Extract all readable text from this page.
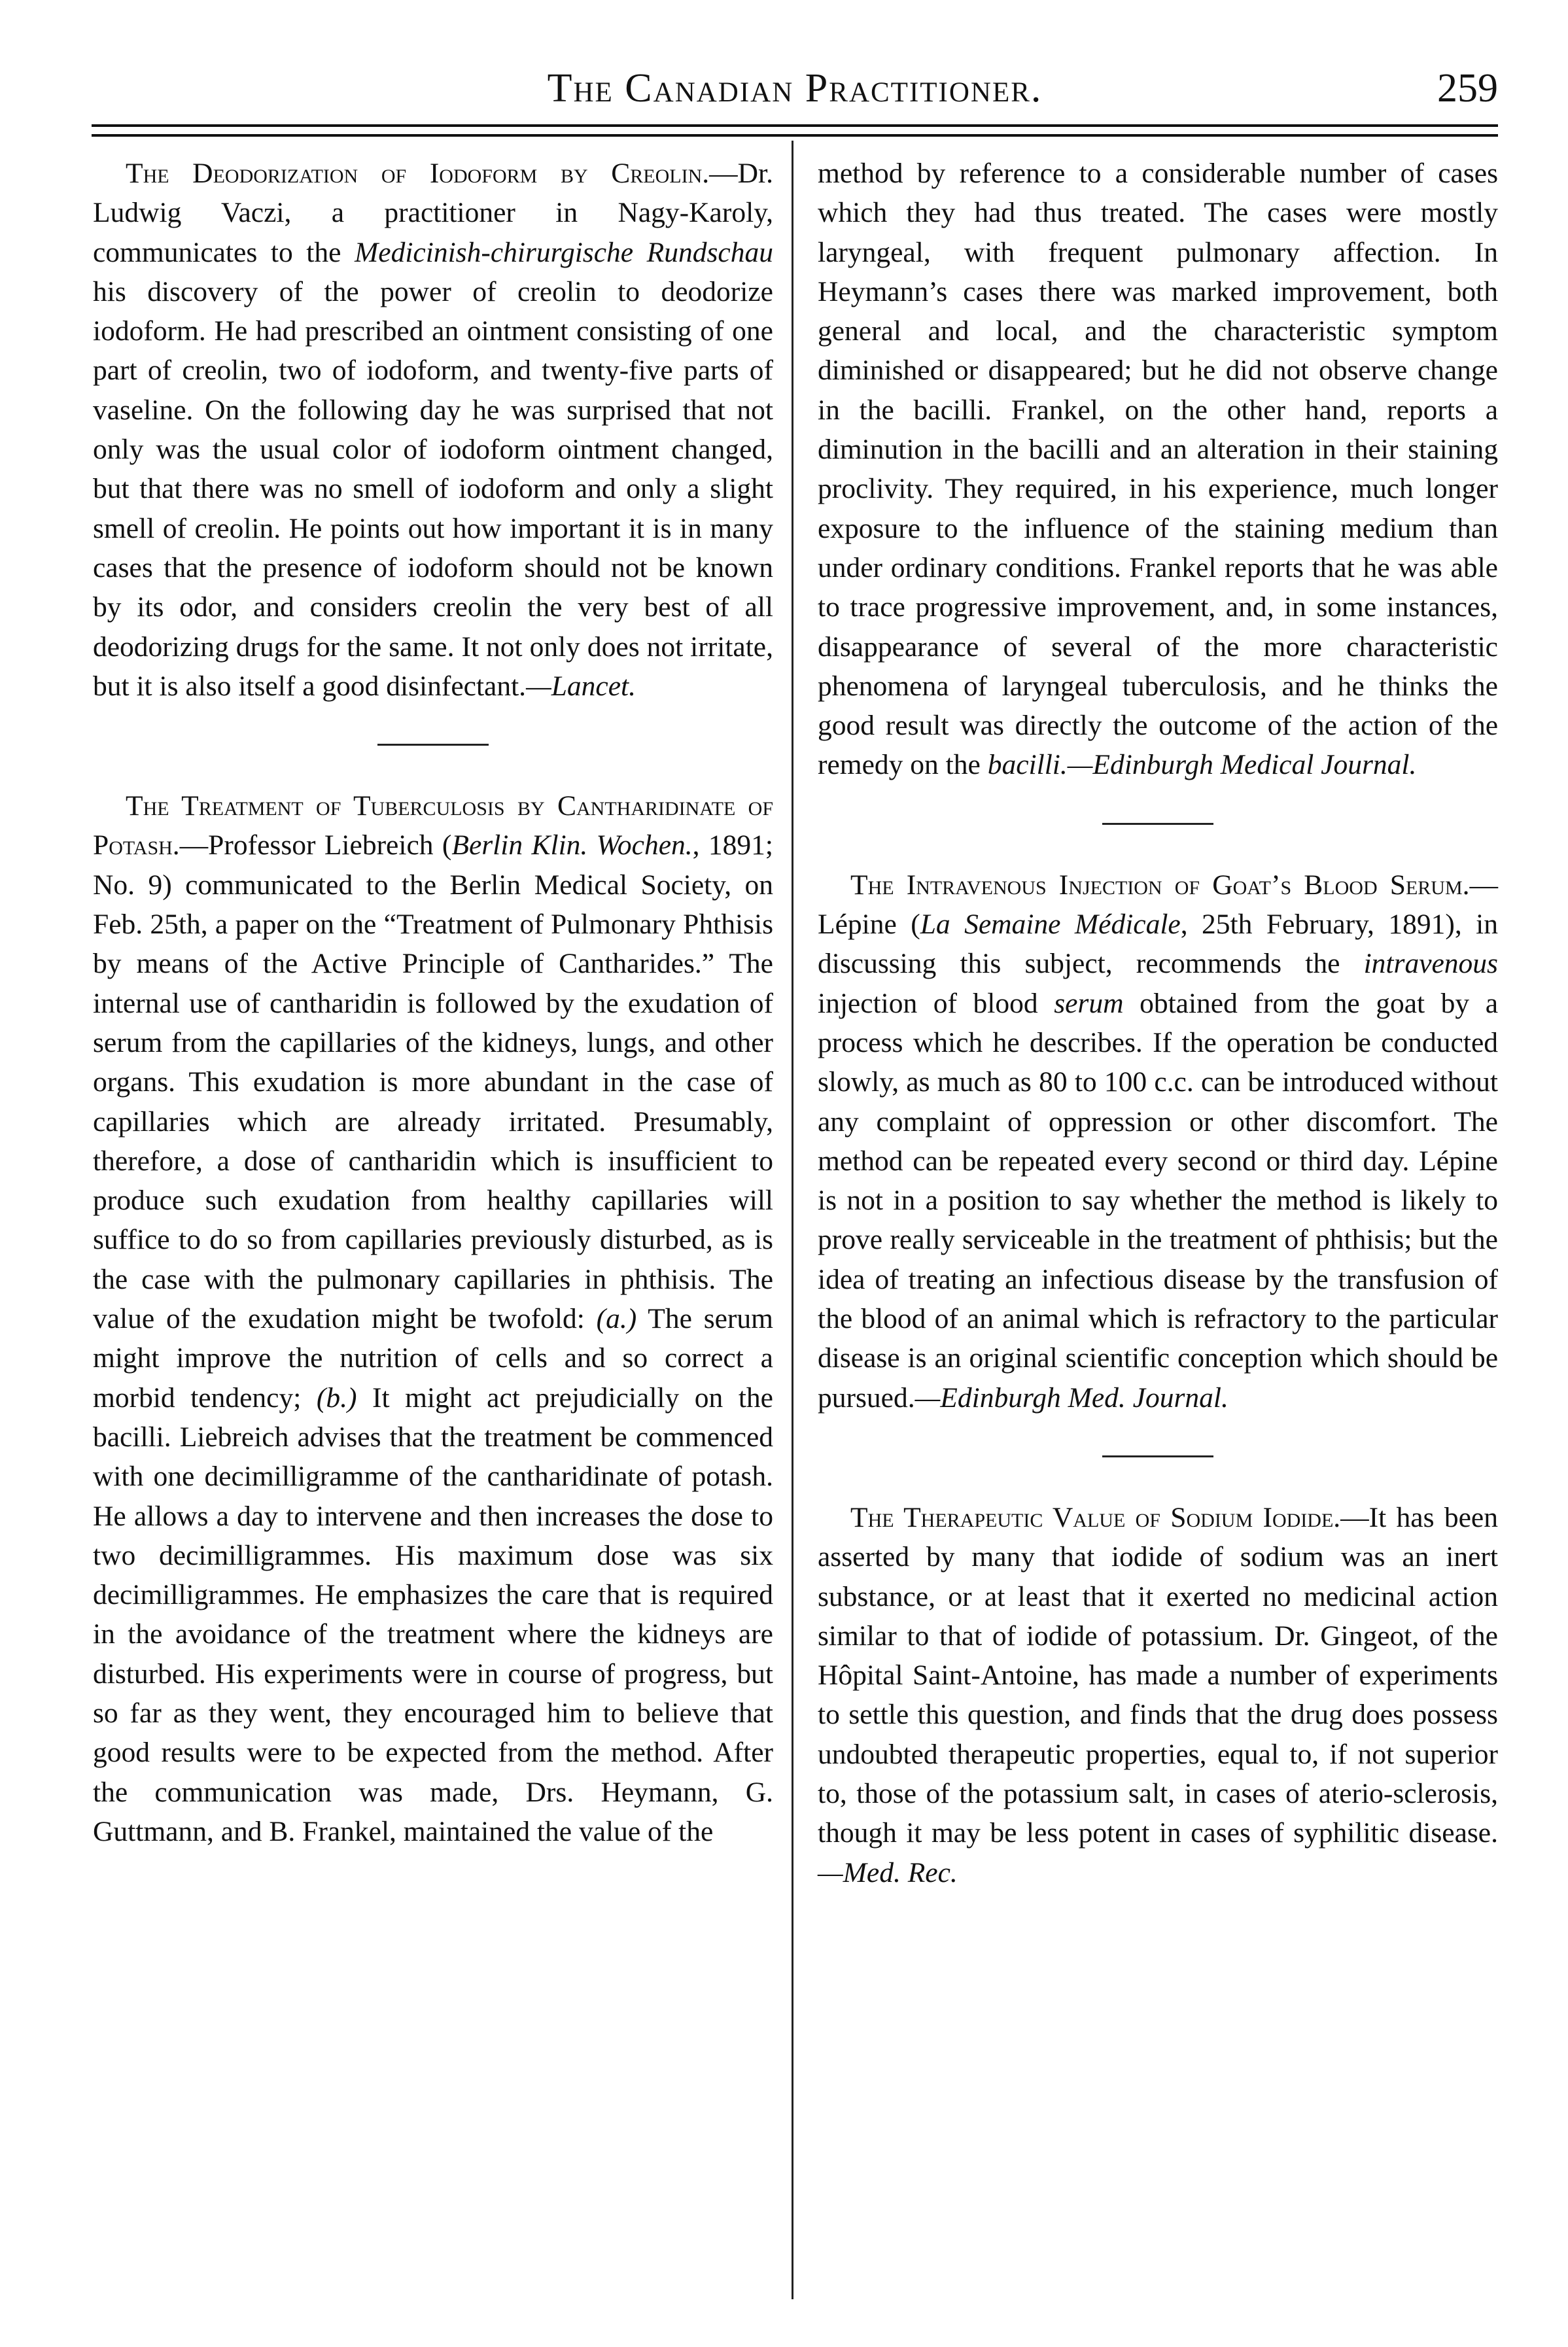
The Canadian Practitioner.	259

The Deodorization of Iodoform by Creolin.—Dr. Ludwig Vaczi, a practitioner in Nagy-Karoly, communicates to the Medicinish-chirurgische Rundschau his discovery of the power of creolin to deodorize iodoform. He had prescribed an ointment consisting of one part of creolin, two of iodoform, and twenty-five parts of vaseline. On the following day he was surprised that not only was the usual color of iodoform ointment changed, but that there was no smell of iodoform and only a slight smell of creolin. He points out how important it is in many cases that the presence of iodoform should not be known by its odor, and considers creolin the very best of all deodorizing drugs for the same. It not only does not irritate, but it is also itself a good disinfectant.—Lancet.

The Treatment of Tuberculosis by Cantharidinate of Potash.—Professor Liebreich (Berlin Klin. Wochen., 1891; No. 9) communicated to the Berlin Medical Society, on Feb. 25th, a paper on the “Treatment of Pulmonary Phthisis by means of the Active Principle of Cantharides.” The internal use of cantharidin is followed by the exudation of serum from the capillaries of the kidneys, lungs, and other organs. This exudation is more abundant in the case of capillaries which are already irritated. Presumably, therefore, a dose of cantharidin which is insufficient to produce such exudation from healthy capillaries will suffice to do so from capillaries previously disturbed, as is the case with the pulmonary capillaries in phthisis. The value of the exudation might be twofold: (a.) The serum might improve the nutrition of cells and so correct a morbid tendency; (b.) It might act prejudicially on the bacilli. Liebreich advises that the treatment be commenced with one decimilligramme of the cantharidinate of potash. He allows a day to intervene and then increases the dose to two decimilligrammes. His maximum dose was six decimilligrammes. He emphasizes the care that is required in the avoidance of the treatment where the kidneys are disturbed. His experiments were in course of progress, but so far as they went, they encouraged him to believe that good results were to be expected from the method. After the communication was made, Drs. Heymann, G. Guttmann, and B. Frankel, maintained the value of the

method by reference to a considerable number of cases which they had thus treated. The cases were mostly laryngeal, with frequent pulmonary affection. In Heymann’s cases there was marked improvement, both general and local, and the characteristic symptom diminished or disappeared; but he did not observe change in the bacilli. Frankel, on the other hand, reports a diminution in the bacilli and an alteration in their staining proclivity. They required, in his experience, much longer exposure to the influence of the staining medium than under ordinary conditions. Frankel reports that he was able to trace progressive improvement, and, in some instances, disappearance of several of the more characteristic phenomena of laryngeal tuberculosis, and he thinks the good result was directly the outcome of the action of the remedy on the bacilli.—Edinburgh Medical Journal.

The Intravenous Injection of Goat’s Blood Serum.—Lépine (La Semaine Médicale, 25th February, 1891), in discussing this subject, recommends the intravenous injection of blood serum obtained from the goat by a process which he describes. If the operation be conducted slowly, as much as 80 to 100 c.c. can be introduced without any complaint of oppression or other discomfort. The method can be repeated every second or third day. Lépine is not in a position to say whether the method is likely to prove really serviceable in the treatment of phthisis; but the idea of treating an infectious disease by the transfusion of the blood of an animal which is refractory to the particular disease is an original scientific conception which should be pursued.—Edinburgh Med. Journal.

The Therapeutic Value of Sodium Iodide.—It has been asserted by many that iodide of sodium was an inert substance, or at least that it exerted no medicinal action similar to that of iodide of potassium. Dr. Gingeot, of the Hôpital Saint-Antoine, has made a number of experiments to settle this question, and finds that the drug does possess undoubted therapeutic properties, equal to, if not superior to, those of the potassium salt, in cases of aterio-sclerosis, though it may be less potent in cases of syphilitic disease.—Med. Rec.
